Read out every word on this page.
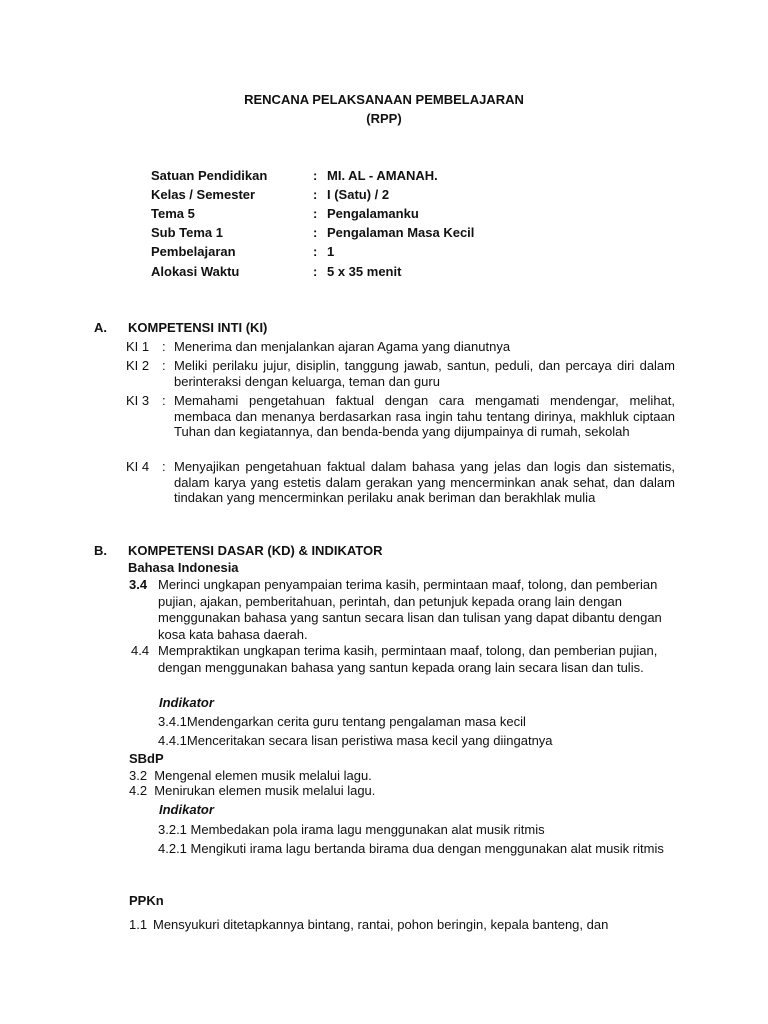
RENCANA PELAKSANAAN PEMBELAJARAN
(RPP)
Satuan Pendidikan	: MI. AL - AMANAH.
Kelas / Semester	: I (Satu) / 2
Tema 5	: Pengalamanku
Sub Tema 1	: Pengalaman Masa Kecil
Pembelajaran	: 1
Alokasi Waktu	: 5 x 35 menit
A. KOMPETENSI INTI (KI)
KI 1 : Menerima dan menjalankan ajaran Agama yang dianutnya
KI 2 : Meliki perilaku jujur, disiplin, tanggung jawab, santun, peduli, dan percaya diri dalam berinteraksi dengan keluarga, teman dan guru
KI 3 : Memahami pengetahuan faktual dengan cara mengamati mendengar, melihat, membaca dan menanya berdasarkan rasa ingin tahu tentang dirinya, makhluk ciptaan Tuhan dan kegiatannya, dan benda-benda yang dijumpainya di rumah, sekolah
KI 4 : Menyajikan pengetahuan faktual dalam bahasa yang jelas dan logis dan sistematis, dalam karya yang estetis dalam gerakan yang mencerminkan anak sehat, dan dalam tindakan yang mencerminkan perilaku anak beriman dan berakhlak mulia
B. KOMPETENSI DASAR (KD) & INDIKATOR
Bahasa Indonesia
3.4 Merinci ungkapan penyampaian terima kasih, permintaan maaf, tolong, dan pemberian pujian, ajakan, pemberitahuan, perintah, dan petunjuk kepada orang lain dengan menggunakan bahasa yang santun secara lisan dan tulisan yang dapat dibantu dengan kosa kata bahasa daerah.
4.4 Mempraktikan ungkapan terima kasih, permintaan maaf, tolong, dan pemberian pujian, dengan menggunakan bahasa yang santun kepada orang lain secara lisan dan tulis.
Indikator
3.4.1Mendengarkan cerita guru tentang pengalaman masa kecil
4.4.1Menceritakan secara lisan peristiwa masa kecil yang diingatnya
SBdP
3.2  Mengenal elemen musik melalui lagu.
4.2  Menirukan elemen musik melalui lagu.
Indikator
3.2.1 Membedakan pola irama lagu menggunakan alat musik ritmis
4.2.1 Mengikuti irama lagu bertanda birama dua dengan menggunakan alat musik ritmis
PPKn
1.1 Mensyukuri ditetapkannya bintang, rantai, pohon beringin, kepala banteng, dan
